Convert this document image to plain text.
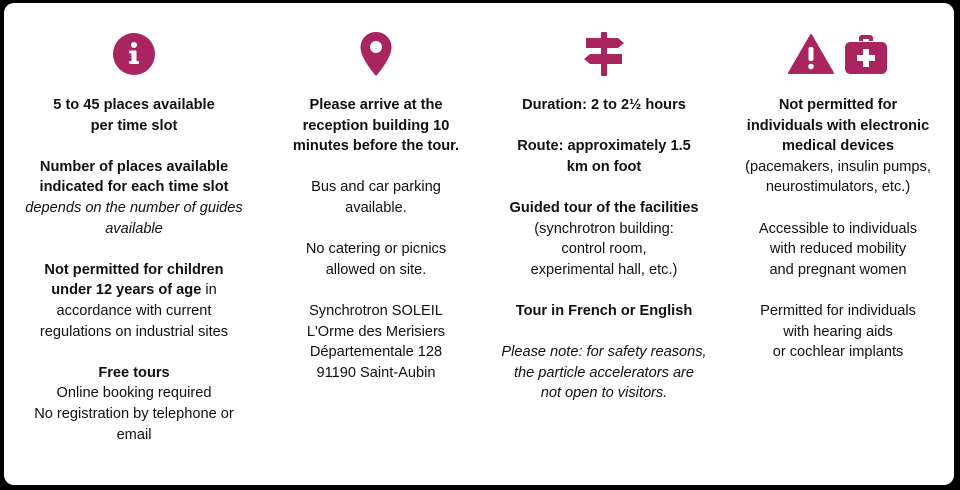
5 to 45 places available

per time slot

Number of places available

indicated for each time slot

depends on the number of guides

available

Not permitted for children

under 12 years of age in

accordance with current

regulations on industrial sites

Free tours

Online booking required

No registration by telephone or

email

Please arrive at the

reception building 10

minutes before the tour.

Bus and car parking

available.

No catering or picnics

allowed on site.

Synchrotron SOLEIL

L'Orme des Merisiers

Départementale 128

91190 Saint-Aubin

Duration: 2 to 2½ hours

Route: approximately 1.5

km on foot

Guided tour of the facilities

(synchrotron building:

control room,

experimental hall, etc.)

Tour in French or English

Please note: for safety reasons,

the particle accelerators are

not open to visitors.

Not permitted for

individuals with electronic

medical devices

(pacemakers, insulin pumps,

neurostimulators, etc.)

Accessible to individuals

with reduced mobility

and pregnant women

Permitted for individuals

with hearing aids

or cochlear implants
